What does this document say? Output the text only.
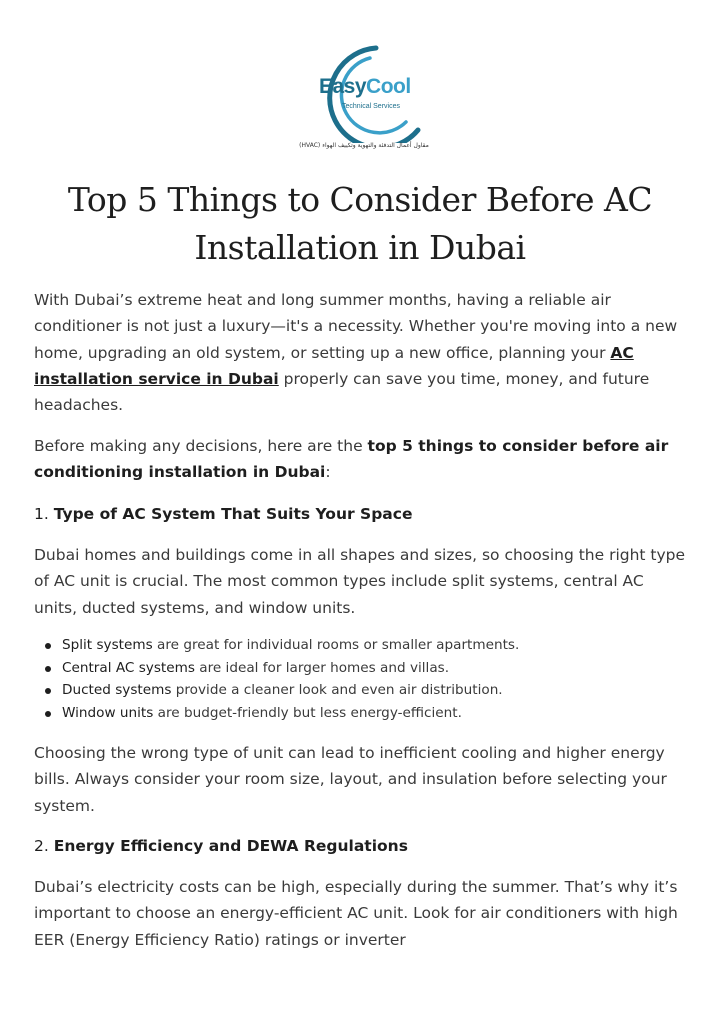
EasyCool
Technical Services
(HVAC) مقاول أعمال التدفئة والتهوية وتكييف الهواء
Top 5 Things to Consider Before AC Installation in Dubai

With Dubai’s extreme heat and long summer months, having a reliable air conditioner is not just a luxury—it's a necessity. Whether you're moving into a new home, upgrading an old system, or setting up a new office, planning your AC installation service in Dubai properly can save you time, money, and future headaches.

Before making any decisions, here are the top 5 things to consider before air conditioning installation in Dubai:

1. Type of AC System That Suits Your Space

Dubai homes and buildings come in all shapes and sizes, so choosing the right type of AC unit is crucial. The most common types include split systems, central AC units, ducted systems, and window units.

Split systems are great for individual rooms or smaller apartments.
Central AC systems are ideal for larger homes and villas.
Ducted systems provide a cleaner look and even air distribution.
Window units are budget-friendly but less energy-efficient.

Choosing the wrong type of unit can lead to inefficient cooling and higher energy bills. Always consider your room size, layout, and insulation before selecting your system.

2. Energy Efficiency and DEWA Regulations

Dubai’s electricity costs can be high, especially during the summer. That’s why it’s important to choose an energy-efficient AC unit. Look for air conditioners with high EER (Energy Efficiency Ratio) ratings or inverter
